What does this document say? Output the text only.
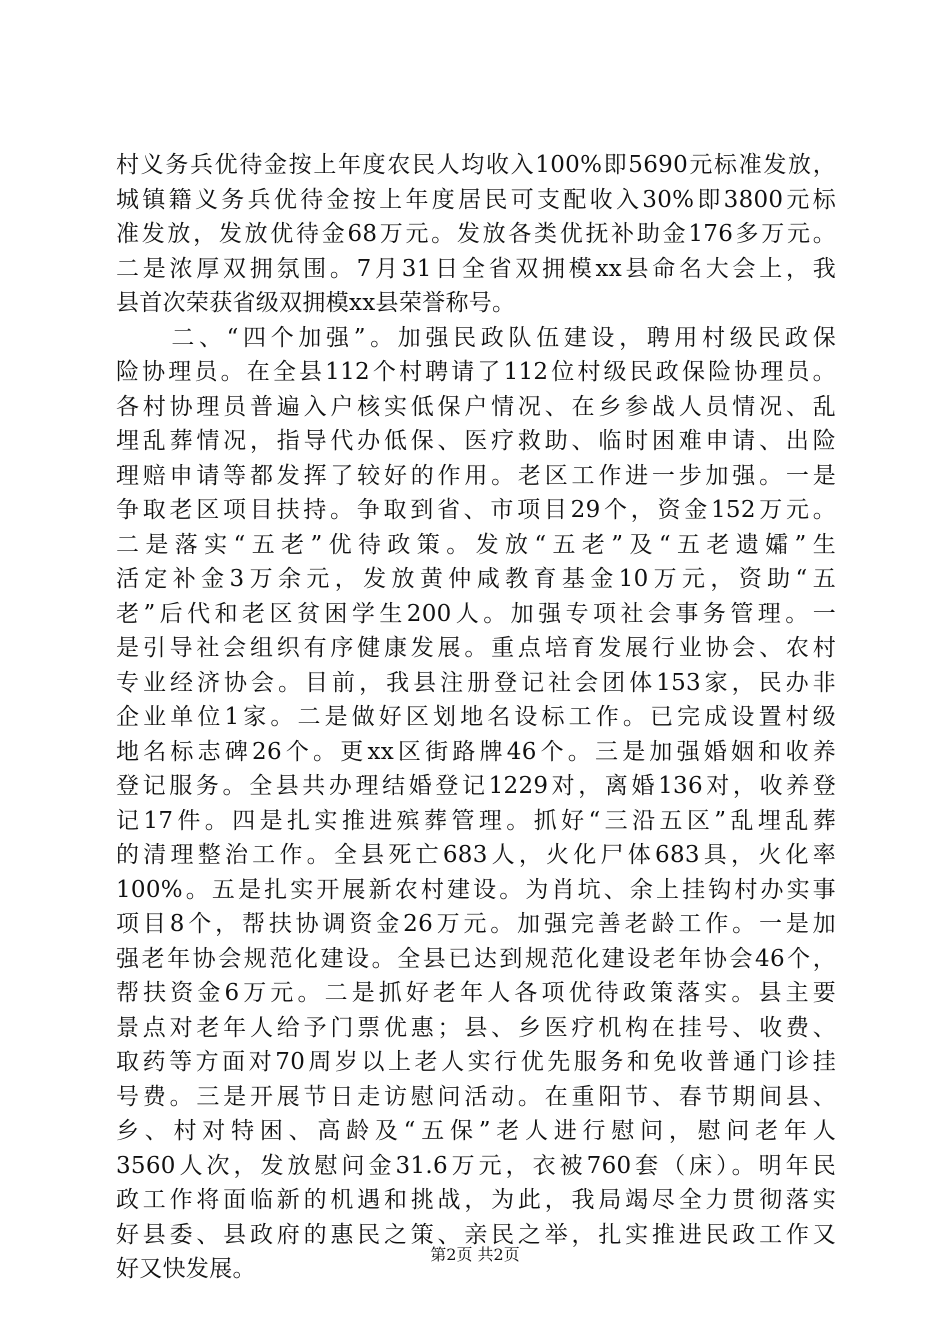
村义务兵优待金按上年度农民人均收入100%即5690元标准发放，
城镇籍义务兵优待金按上年度居民可支配收入30%即3800元标
准发放，发放优待金68万元。发放各类优抚补助金176多万元。
二是浓厚双拥氛围。7月31日全省双拥模xx县命名大会上，我
县首次荣获省级双拥模xx县荣誉称号。
　　二、“四个加强”。加强民政队伍建设，聘用村级民政保
险协理员。在全县112个村聘请了112位村级民政保险协理员。
各村协理员普遍入户核实低保户情况、在乡参战人员情况、乱
埋乱葬情况，指导代办低保、医疗救助、临时困难申请、出险
理赔申请等都发挥了较好的作用。老区工作进一步加强。一是
争取老区项目扶持。争取到省、市项目29个，资金152万元。
二是落实“五老”优待政策。发放“五老”及“五老遗孀”生
活定补金3万余元，发放黄仲咸教育基金10万元，资助“五
老”后代和老区贫困学生200人。加强专项社会事务管理。一
是引导社会组织有序健康发展。重点培育发展行业协会、农村
专业经济协会。目前，我县注册登记社会团体153家，民办非
企业单位1家。二是做好区划地名设标工作。已完成设置村级
地名标志碑26个。更xx区街路牌46个。三是加强婚姻和收养
登记服务。全县共办理结婚登记1229对，离婚136对，收养登
记17件。四是扎实推进殡葬管理。抓好“三沿五区”乱埋乱葬
的清理整治工作。全县死亡683人，火化尸体683具，火化率
100%。五是扎实开展新农村建设。为肖坑、余上挂钩村办实事
项目8个，帮扶协调资金26万元。加强完善老龄工作。一是加
强老年协会规范化建设。全县已达到规范化建设老年协会46个，
帮扶资金6万元。二是抓好老年人各项优待政策落实。县主要
景点对老年人给予门票优惠；县、乡医疗机构在挂号、收费、
取药等方面对70周岁以上老人实行优先服务和免收普通门诊挂
号费。三是开展节日走访慰问活动。在重阳节、春节期间县、
乡、村对特困、高龄及“五保”老人进行慰问，慰问老年人
3560人次，发放慰问金31.6万元，衣被760套（床）。明年民
政工作将面临新的机遇和挑战，为此，我局竭尽全力贯彻落实
好县委、县政府的惠民之策、亲民之举，扎实推进民政工作又
好又快发展。
第2页 共2页
